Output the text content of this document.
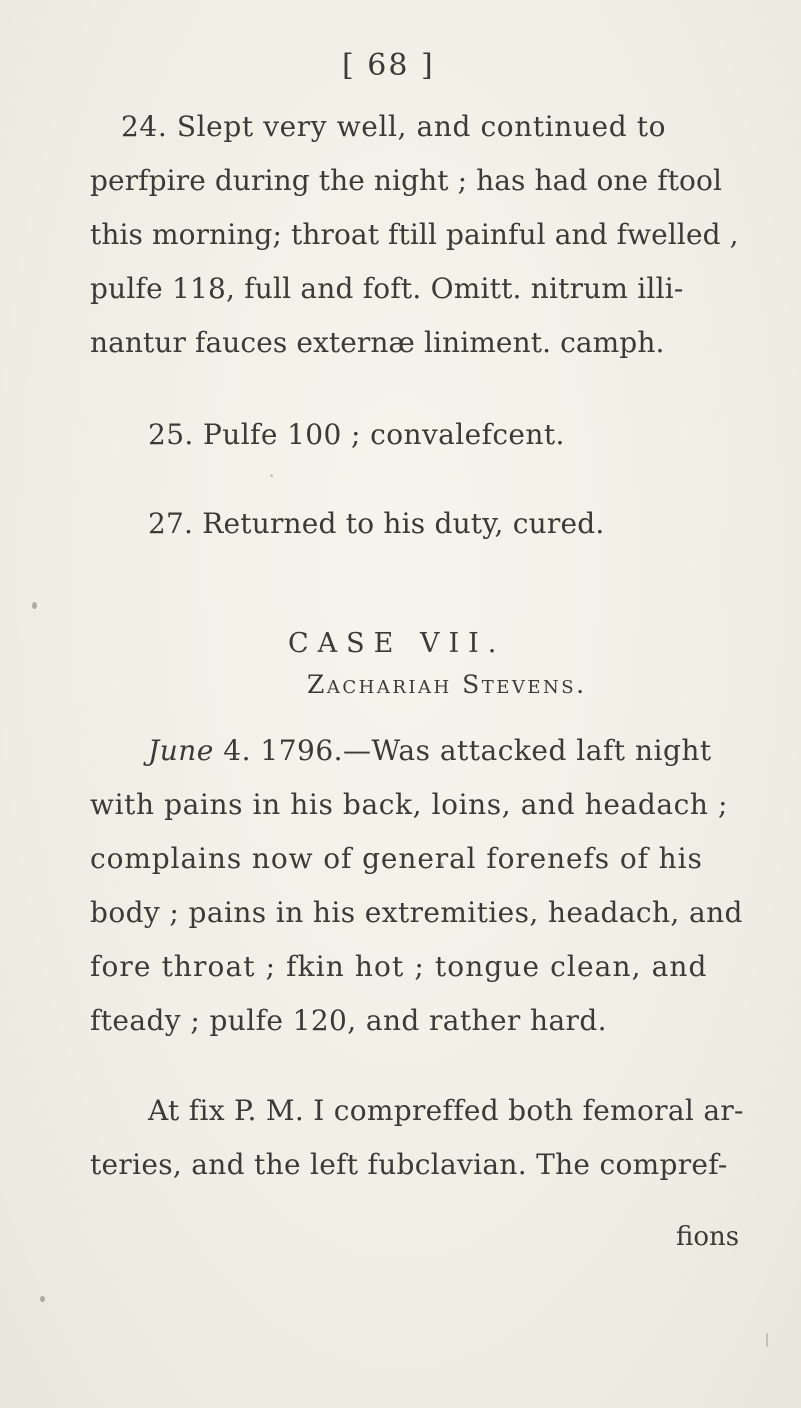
[ 68 ]
24. Slept very well, and continued to
perfpire during the night ; has had one ftool
this morning; throat ftill painful and fwelled ,
pulfe 118, full and foft. Omitt. nitrum illi-
nantur fauces externæ liniment. camph.
25. Pulfe 100 ; convalefcent.
27. Returned to his duty, cured.
CASE VII.
Zachariah Stevens.
June 4. 1796.—Was attacked laft night
with pains in his back, loins, and headach ;
complains now of general forenefs of his
body ; pains in his extremities, headach, and
fore throat ; fkin hot ; tongue clean, and
fteady ; pulfe 120, and rather hard.
At fix P. M. I compreffed both femoral ar-
teries, and the left fubclavian. The compref-
fions
